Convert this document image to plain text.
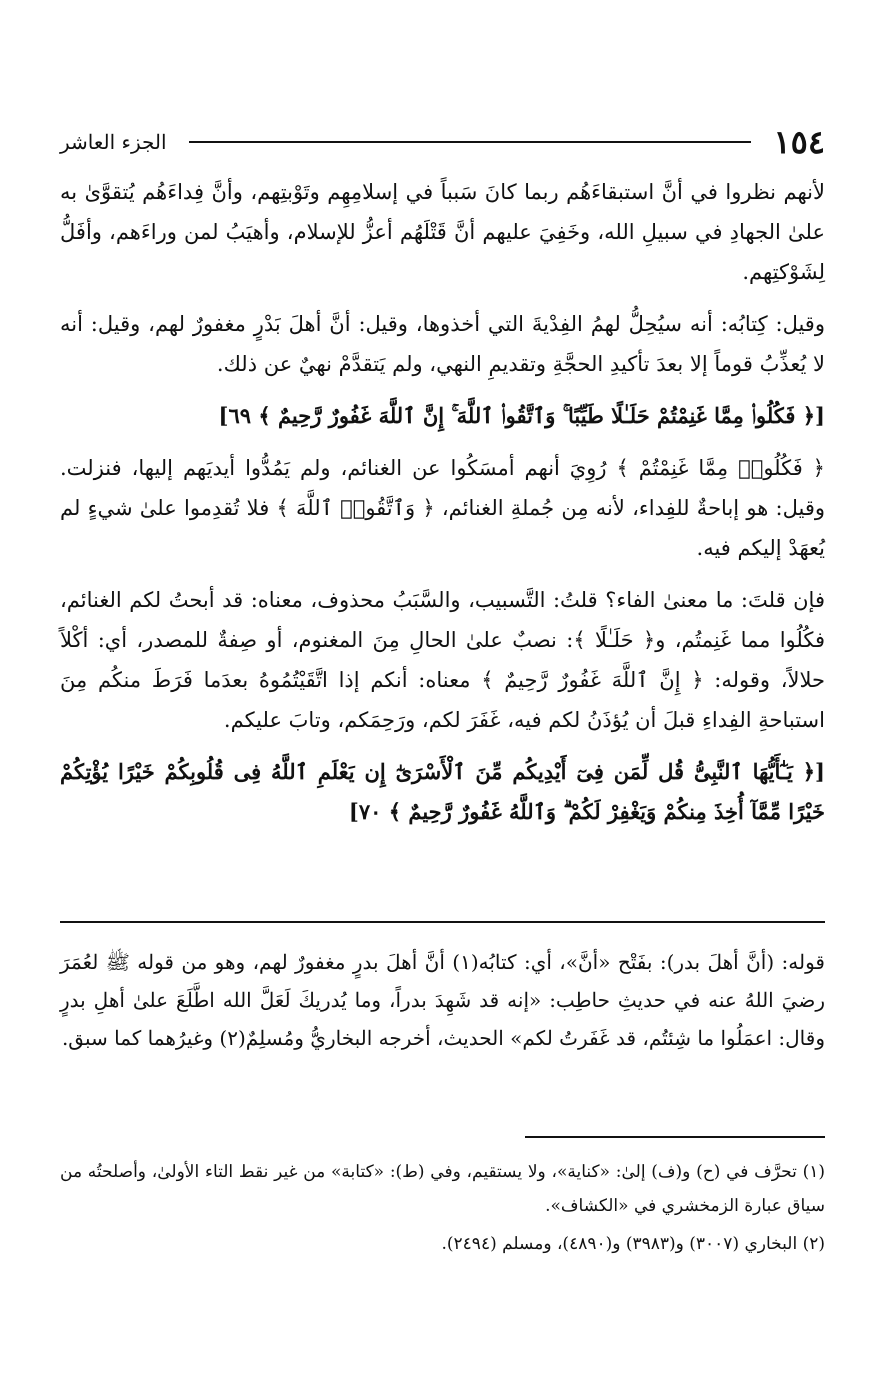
١٥٤
الجزء العاشر

لأنهم نظروا في أنَّ استبقاءَهُم ربما كانَ سَبباً في إسلامِهِم وتَوْبتِهم، وأنَّ فِداءَهُم يُتقوَّىٰ به علىٰ الجهادِ في سبيلِ الله، وخَفِيَ عليهم أنَّ قَتْلَهُم أعزُّ للإسلام، وأهيَبُ لمن وراءَهم، وأفَلُّ لِشَوْكتِهم.

وقيل: كِتابُه: أنه سيُحِلُّ لهمُ الفِدْيةَ التي أخذوها، وقيل: أنَّ أهلَ بَدْرٍ مغفورٌ لهم، وقيل: أنه لا يُعذِّبُ قوماً إلا بعدَ تأكيدِ الحجَّةِ وتقديمِ النهي، ولم يَتقدَّمْ نهيٌ عن ذلك.

[﴿ فَكُلُوا۟ مِمَّا غَنِمْتُمْ حَلَـٰلًا طَيِّبًا ۚ وَٱتَّقُوا۟ ٱللَّهَ ۚ إِنَّ ٱللَّهَ غَفُورٌ رَّحِيمٌ ﴾ ٦٩]

﴿ فَكُلُوا۟ مِمَّا غَنِمْتُمْ ﴾ رُوِيَ أنهم أمسَكُوا عن الغنائم، ولم يَمُدُّوا أيديَهم إليها، فنزلت. وقيل: هو إباحةٌ للفِداء، لأنه مِن جُملةِ الغنائم، ﴿ وَٱتَّقُوا۟ ٱللَّهَ ﴾ فلا تُقدِموا علىٰ شيءٍ لم يُعهَدْ إليكم فيه.

فإن قلتَ: ما معنىٰ الفاء؟ قلتُ: التَّسبيب، والسَّبَبُ محذوف، معناه: قد أبحتُ لكم الغنائم، فكُلُوا مما غَنِمتُم، و﴿ حَلَـٰلًا ﴾: نصبٌ علىٰ الحالِ مِنَ المغنوم، أو صِفةٌ للمصدر، أي: أكْلاً حلالاً، وقوله: ﴿ إِنَّ ٱللَّهَ غَفُورٌ رَّحِيمٌ ﴾ معناه: أنكم إذا اتَّقَيْتُمُوهُ بعدَما فَرَطَ منكُم مِنَ استباحةِ الفِداءِ قبلَ أن يُؤذَنُ لكم فيه، غَفَرَ لكم، ورَحِمَكم، وتابَ عليكم.

[﴿ يَـٰٓأَيُّهَا ٱلنَّبِىُّ قُل لِّمَن فِىٓ أَيْدِيكُم مِّنَ ٱلْأَسْرَىٰٓ إِن يَعْلَمِ ٱللَّهُ فِى قُلُوبِكُمْ خَيْرًا يُؤْتِكُمْ خَيْرًا مِّمَّآ أُخِذَ مِنكُمْ وَيَغْفِرْ لَكُمْ ۗ وَٱللَّهُ غَفُورٌ رَّحِيمٌ ﴾ ٧٠]

قوله: (أنَّ أهلَ بدر): بفَتْح «أنَّ»، أي: كتابُه(١) أنَّ أهلَ بدرٍ مغفورٌ لهم، وهو من قوله ﷺ لعُمَرَ رضيَ اللهُ عنه في حديثِ حاطِب: «إنه قد شَهِدَ بدراً، وما يُدريكَ لَعَلَّ الله اطَّلَعَ علىٰ أهلِ بدرٍ وقال: اعمَلُوا ما شِئتُم، قد غَفَرتُ لكم» الحديث، أخرجه البخاريُّ ومُسلِمٌ(٢) وغيرُهما كما سبق.

(١) تحرَّف في (ح) و(ف) إلىٰ: «كناية»، ولا يستقيم، وفي (ط): «كتابة» من غير نقط التاء الأولىٰ، وأصلحتُه من سياق عبارة الزمخشري في «الكشاف».

(٢) البخاري (٣٠٠٧) و(٣٩٨٣) و(٤٨٩٠)، ومسلم (٢٤٩٤).
